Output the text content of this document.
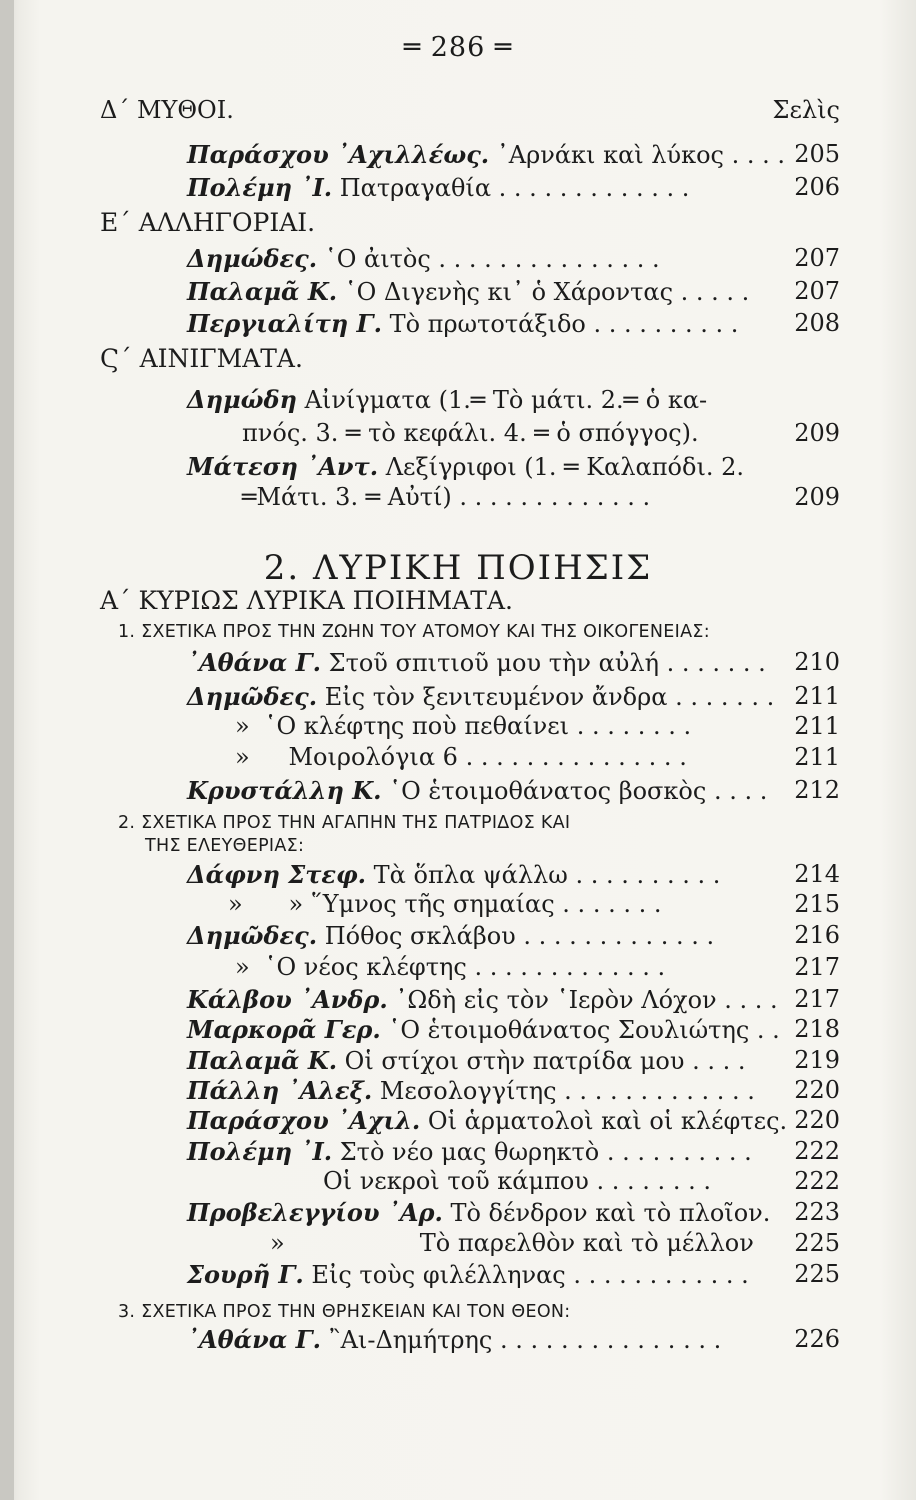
═ 286 ═
Δ΄ ΜΥΘΟΙ.	Σελὶς
Παράσχου ᾽Αχιλλέως. ᾽Αρνάκι καὶ λύκος . . . . 205
Πολέμη ᾽Ι. Πατραγαθία . . . . . . . . . . . . .	206
Ε΄ ΑΛΛΗΓΟΡΙΑΙ.
Δημώδες. ῾Ο ἀιτὸς . . . . . . . . . . . . . . .	207
Παλαμᾶ Κ. ῾Ο Διγενὴς κι᾽ ὁ Χάροντας . . . . .	207
Περγιαλίτη Γ. Τὸ πρωτοτάξιδο . . . . . . . . . .	208
Ϛ΄ ΑΙΝΙΓΜΑΤΑ.
Δημώδη Αἰνίγματα (1.═ Τὸ μάτι. 2.═ ὁ κα-
πνός. 3. ═ τὸ κεφάλι. 4. ═ ὁ σπόγγος).	209
Μάτεση ᾽Αντ. Λεξίγριφοι (1. ═ Καλαπόδι. 2.
═Μάτι. 3. ═ Αὐτί) . . . . . . . . . . . . .	209
2. ΛΥΡΙΚΗ ΠΟΙΗΣΙΣ
Α΄ ΚΥΡΙΩΣ ΛΥΡΙΚΑ ΠΟΙΗΜΑΤΑ.
1. ΣΧΕΤΙΚΑ ΠΡΟΣ ΤΗΝ ΖΩΗΝ ΤΟΥ ΑΤΟΜΟΥ ΚΑΙ ΤΗΣ ΟΙΚΟΓΕΝΕΙΑΣ:
᾽Αθάνα Γ. Στοῦ σπιτιοῦ μου τὴν αὐλή . . . . . . .	210
Δημῶδες. Εἰς τὸν ξενιτευμένον ἄνδρα . . . . . . . 211
» ῾Ο κλέφτης ποὺ πεθαίνει . . . . . . . .	211
» Μοιρολόγια 6 . . . . . . . . . . . . . . .	211
Κρυστάλλη Κ. ῾Ο ἑτοιμοθάνατος βοσκὸς . . . .	212
2. ΣΧΕΤΙΚΑ ΠΡΟΣ ΤΗΝ ΑΓΑΠΗΝ ΤΗΣ ΠΑΤΡΙΔΟΣ ΚΑΙ
ΤΗΣ ΕΛΕΥΘΕΡΙΑΣ:
Δάφνη Στεφ. Τὰ ὅπλα ψάλλω . . . . . . . . . .	214
»      » ῞Υμνος τῆς σημαίας . . . . . . .	215
Δημῶδες. Πόθος σκλάβου . . . . . . . . . . . . .	216
» ῾Ο νέος κλέφτης . . . . . . . . . . . . .	217
Κάλβου ᾽Ανδρ. ᾽Ωδὴ εἰς τὸν ῾Ιερὸν Λόχον . . . . 217
Μαρκορᾶ Γερ. ῾Ο ἑτοιμοθάνατος Σουλιώτης . . 218
Παλαμᾶ Κ. Οἱ στίχοι στὴν πατρίδα μου . . . .	219
Πάλλη ᾽Αλεξ. Μεσολογγίτης . . . . . . . . . . . . .	220
Παράσχου ᾽Αχιλ. Οἱ ἁρματολοὶ καὶ οἱ κλέφτες. 220
Πολέμη ᾽Ι. Στὸ νέο μας θωρηκτὸ . . . . . . . . . .	222
Οἱ νεκροὶ τοῦ κάμπου . . . . . . . .	222
Προβελεγγίου ᾽Αρ. Τὸ δένδρον καὶ τὸ πλοῖον. 223
»	Τὸ παρελθὸν καὶ τὸ μέλλον	225
Σουρῆ Γ. Εἰς τοὺς φιλέλληνας . . . . . . . . . . . .	225
3. ΣΧΕΤΙΚΑ ΠΡΟΣ ΤΗΝ ΘΡΗΣΚΕΙΑΝ ΚΑΙ ΤΟΝ ΘΕΟΝ:
᾽Αθάνα Γ. ῍Αι-Δημήτρης . . . . . . . . . . . . . . .	226
